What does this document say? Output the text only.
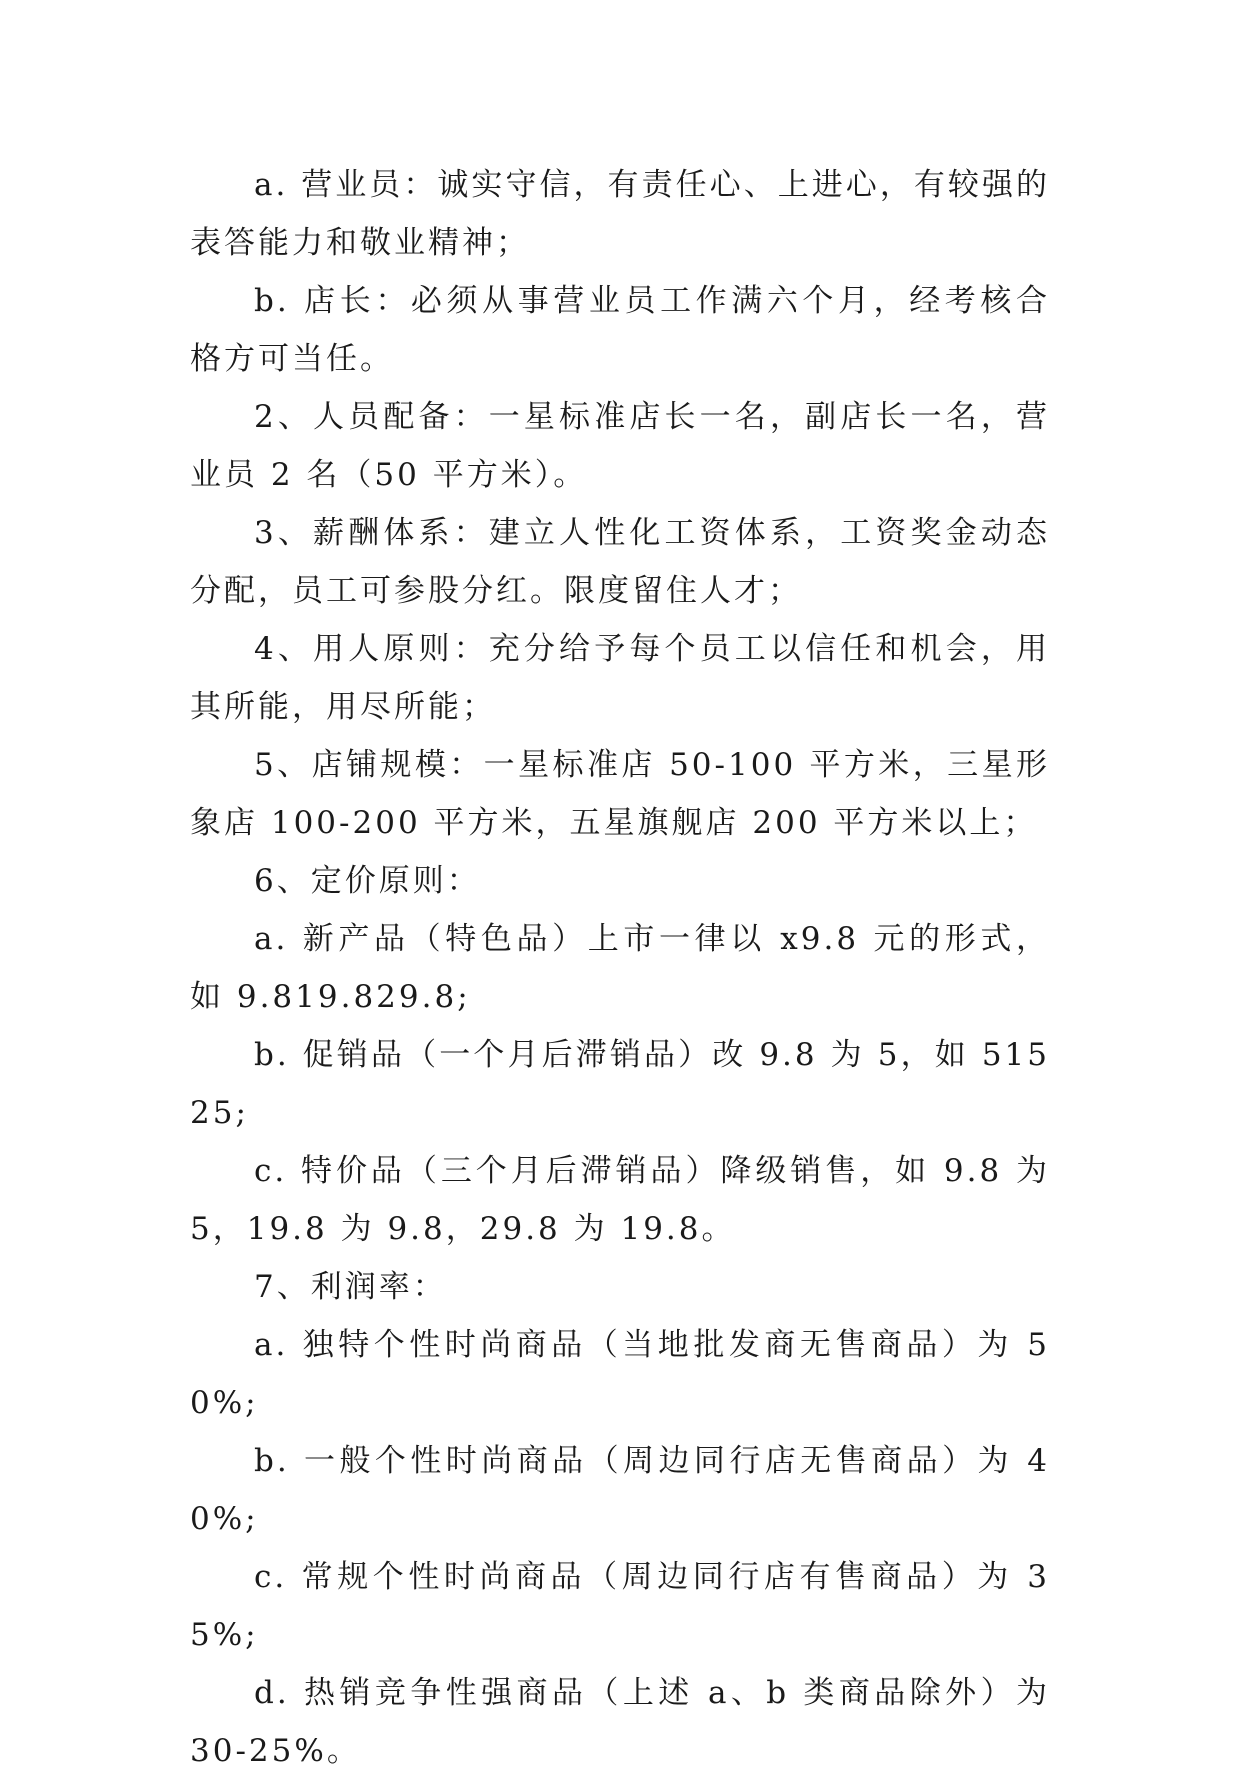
a. 营业员：诚实守信，有责任心、上进心，有较强的表答能力和敬业精神；

b. 店长：必须从事营业员工作满六个月，经考核合格方可当任。

2、人员配备：一星标准店长一名，副店长一名，营业员 2 名（50 平方米）。

3、薪酬体系：建立人性化工资体系，工资奖金动态分配，员工可参股分红。限度留住人才；

4、用人原则：充分给予每个员工以信任和机会，用其所能，用尽所能；

5、店铺规模：一星标准店 50-100 平方米，三星形象店 100-200 平方米，五星旗舰店 200 平方米以上；

6、定价原则：

a. 新产品（特色品）上市一律以 x9.8 元的形式，如 9.819.829.8;

b. 促销品（一个月后滞销品）改 9.8 为 5，如 51525;

c. 特价品（三个月后滞销品）降级销售，如 9.8 为 5，19.8 为 9.8，29.8 为 19.8。

7、利润率：

a. 独特个性时尚商品（当地批发商无售商品）为 50%;

b. 一般个性时尚商品（周边同行店无售商品）为 40%;

c. 常规个性时尚商品（周边同行店有售商品）为 35%;

d. 热销竞争性强商品（上述 a、b 类商品除外）为 30-25%。
